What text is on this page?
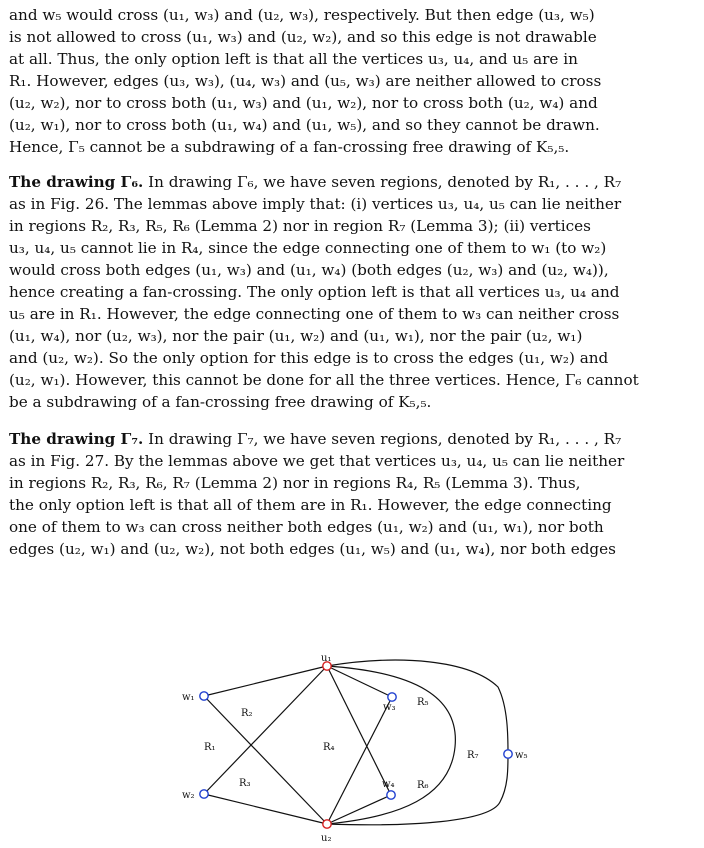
and w₅ would cross (u₁, w₃) and (u₂, w₃), respectively. But then edge (u₃, w₅)
is not allowed to cross (u₁, w₃) and (u₂, w₂), and so this edge is not drawable
at all. Thus, the only option left is that all the vertices u₃, u₄, and u₅ are in
R₁. However, edges (u₃, w₃), (u₄, w₃) and (u₅, w₃) are neither allowed to cross
(u₂, w₂), nor to cross both (u₁, w₃) and (u₁, w₂), nor to cross both (u₂, w₄) and
(u₂, w₁), nor to cross both (u₁, w₄) and (u₁, w₅), and so they cannot be drawn.
Hence, Γ₅ cannot be a subdrawing of a fan-crossing free drawing of K₅,₅.
The drawing Γ₆. In drawing Γ₆, we have seven regions, denoted by R₁, . . . , R₇
as in Fig. 26. The lemmas above imply that: (i) vertices u₃, u₄, u₅ can lie neither
in regions R₂, R₃, R₅, R₆ (Lemma 2) nor in region R₇ (Lemma 3); (ii) vertices
u₃, u₄, u₅ cannot lie in R₄, since the edge connecting one of them to w₁ (to w₂)
would cross both edges (u₁, w₃) and (u₁, w₄) (both edges (u₂, w₃) and (u₂, w₄)),
hence creating a fan-crossing. The only option left is that all vertices u₃, u₄ and
u₅ are in R₁. However, the edge connecting one of them to w₃ can neither cross
(u₁, w₄), nor (u₂, w₃), nor the pair (u₁, w₂) and (u₁, w₁), nor the pair (u₂, w₁)
and (u₂, w₂). So the only option for this edge is to cross the edges (u₁, w₂) and
(u₂, w₁). However, this cannot be done for all the three vertices. Hence, Γ₆ cannot
be a subdrawing of a fan-crossing free drawing of K₅,₅.
The drawing Γ₇. In drawing Γ₇, we have seven regions, denoted by R₁, . . . , R₇
as in Fig. 27. By the lemmas above we get that vertices u₃, u₄, u₅ can lie neither
in regions R₂, R₃, R₆, R₇ (Lemma 2) nor in regions R₄, R₅ (Lemma 3). Thus,
the only option left is that all of them are in R₁. However, the edge connecting
one of them to w₃ can cross neither both edges (u₁, w₂) and (u₁, w₁), nor both
edges (u₂, w₁) and (u₂, w₂), not both edges (u₁, w₅) and (u₁, w₄), nor both edges
u₁
u₂
w₁
w₂
w₃
w₄
w₅
R₂
R₁
R₃
R₄
R₅
R₆
R₇
